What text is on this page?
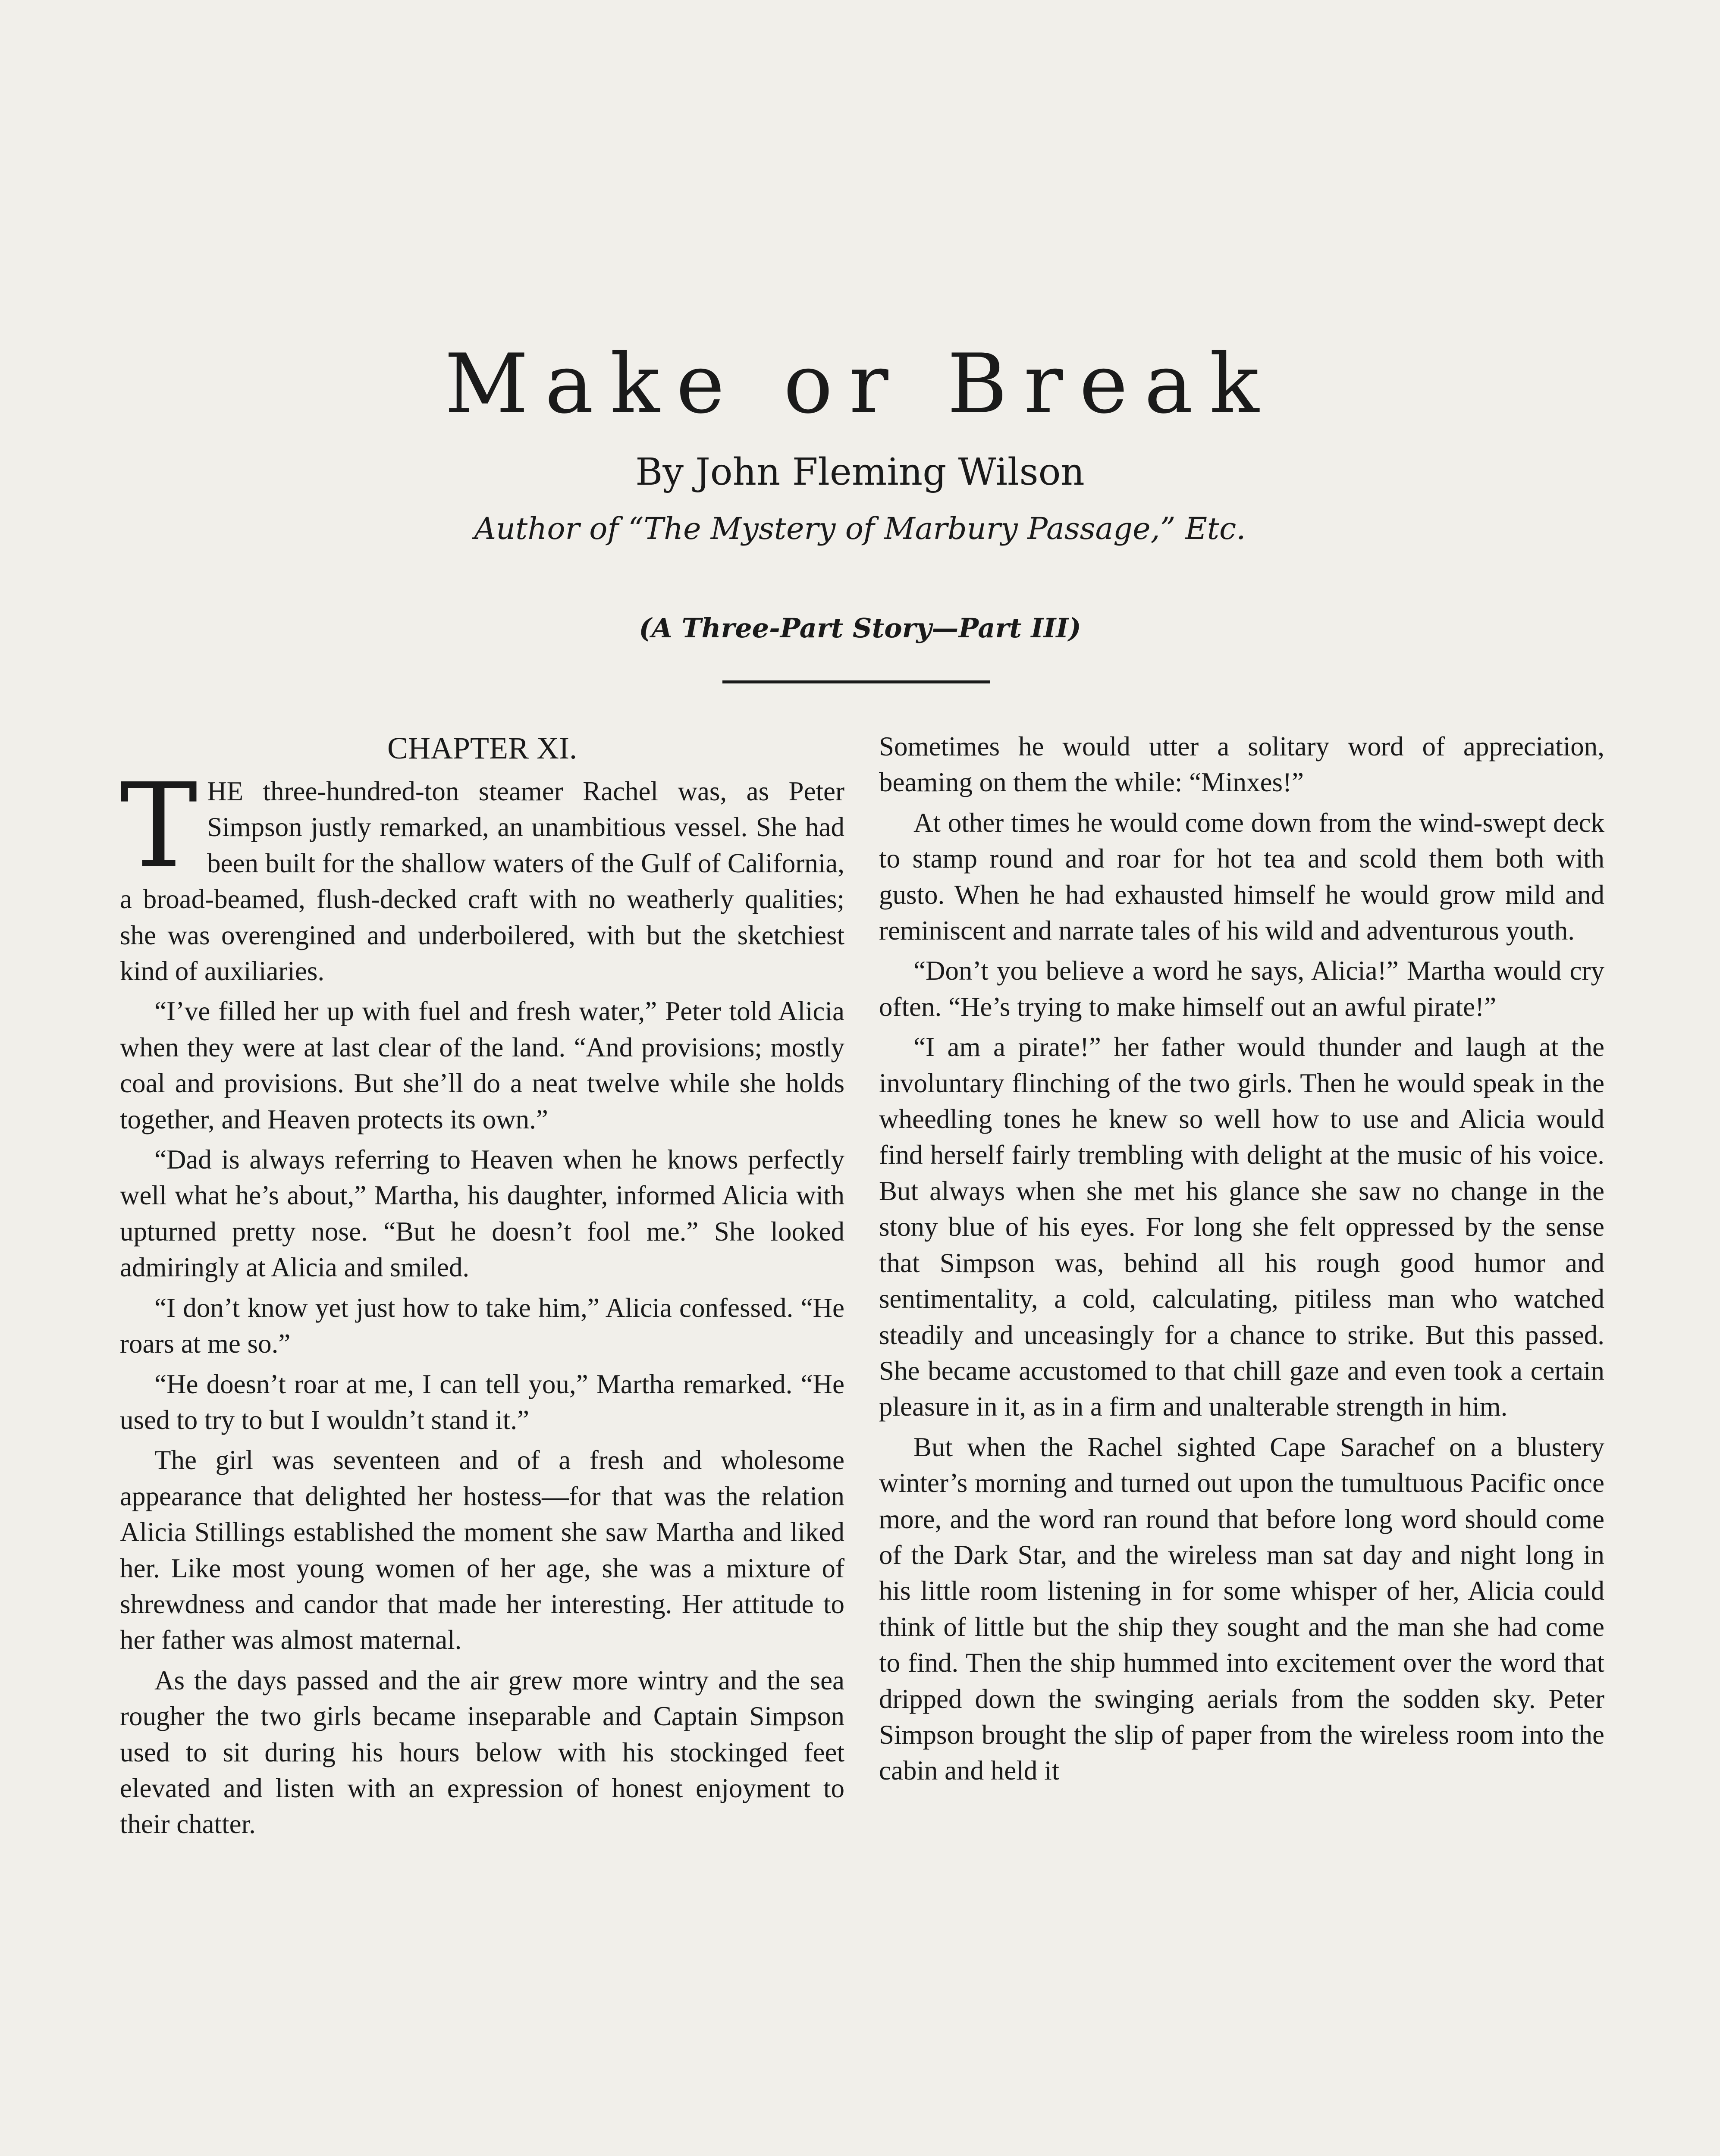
Make or Break
By John Fleming Wilson
Author of “The Mystery of Marbury Passage,” Etc.
(A Three-Part Story—Part III)
CHAPTER XI.

THE three-hundred-ton steamer Rachel was, as Peter Simpson justly remarked, an unambitious vessel. She had been built for the shallow waters of the Gulf of California, a broad-beamed, flush-decked craft with no weatherly qualities; she was overengined and underboilered, with but the sketchiest kind of auxiliaries.

“I’ve filled her up with fuel and fresh water,” Peter told Alicia when they were at last clear of the land. “And provisions; mostly coal and provisions. But she’ll do a neat twelve while she holds together, and Heaven protects its own.”

“Dad is always referring to Heaven when he knows perfectly well what he’s about,” Martha, his daughter, informed Alicia with upturned pretty nose. “But he doesn’t fool me.” She looked admiringly at Alicia and smiled.

“I don’t know yet just how to take him,” Alicia confessed. “He roars at me so.”

“He doesn’t roar at me, I can tell you,” Martha remarked. “He used to try to but I wouldn’t stand it.”

The girl was seventeen and of a fresh and wholesome appearance that delighted her hostess—for that was the relation Alicia Stillings established the moment she saw Martha and liked her. Like most young women of her age, she was a mixture of shrewdness and candor that made her interesting. Her attitude to her father was almost maternal.

As the days passed and the air grew more wintry and the sea rougher the two girls became inseparable and Captain Simpson used to sit during his hours below with his stockinged feet elevated and listen with an expression of honest enjoyment to their chatter.

Sometimes he would utter a solitary word of appreciation, beaming on them the while: “Minxes!”

At other times he would come down from the wind-swept deck to stamp round and roar for hot tea and scold them both with gusto. When he had exhausted himself he would grow mild and reminiscent and narrate tales of his wild and adventurous youth.

“Don’t you believe a word he says, Alicia!” Martha would cry often. “He’s trying to make himself out an awful pirate!”

“I am a pirate!” her father would thunder and laugh at the involuntary flinching of the two girls. Then he would speak in the wheedling tones he knew so well how to use and Alicia would find herself fairly trembling with delight at the music of his voice. But always when she met his glance she saw no change in the stony blue of his eyes. For long she felt oppressed by the sense that Simpson was, behind all his rough good humor and sentimentality, a cold, calculating, pitiless man who watched steadily and unceasingly for a chance to strike. But this passed. She became accustomed to that chill gaze and even took a certain pleasure in it, as in a firm and unalterable strength in him.

But when the Rachel sighted Cape Sarachef on a blustery winter’s morning and turned out upon the tumultuous Pacific once more, and the word ran round that before long word should come of the Dark Star, and the wireless man sat day and night long in his little room listening in for some whisper of her, Alicia could think of little but the ship they sought and the man she had come to find. Then the ship hummed into excitement over the word that dripped down the swinging aerials from the sodden sky. Peter Simpson brought the slip of paper from the wireless room into the cabin and held it
